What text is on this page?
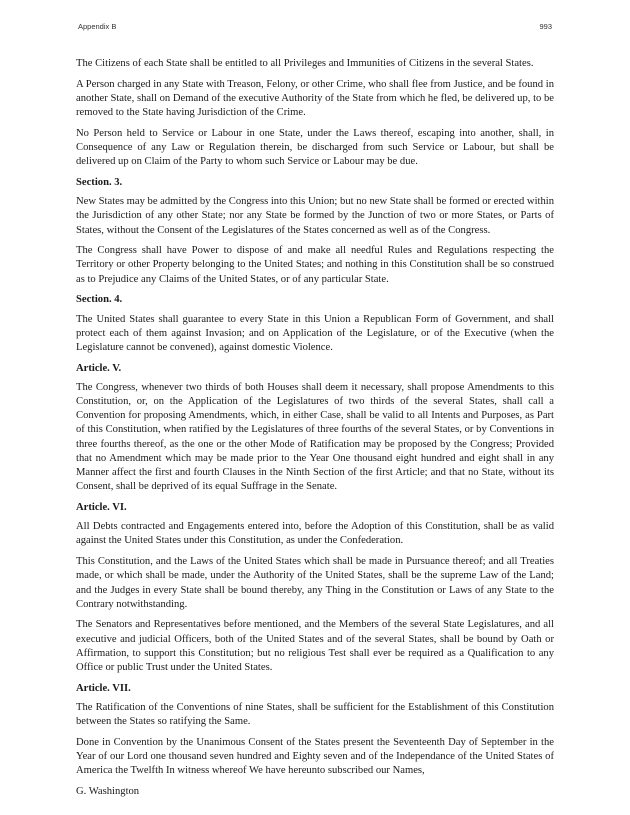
Appendix B	993

The Citizens of each State shall be entitled to all Privileges and Immunities of Citizens in the several States.

A Person charged in any State with Treason, Felony, or other Crime, who shall flee from Justice, and be found in another State, shall on Demand of the executive Authority of the State from which he fled, be delivered up, to be removed to the State having Jurisdiction of the Crime.

No Person held to Service or Labour in one State, under the Laws thereof, escaping into another, shall, in Consequence of any Law or Regulation therein, be discharged from such Service or Labour, but shall be delivered up on Claim of the Party to whom such Service or Labour may be due.

Section. 3.

New States may be admitted by the Congress into this Union; but no new State shall be formed or erected within the Jurisdiction of any other State; nor any State be formed by the Junction of two or more States, or Parts of States, without the Consent of the Legislatures of the States concerned as well as of the Congress.

The Congress shall have Power to dispose of and make all needful Rules and Regulations respecting the Territory or other Property belonging to the United States; and nothing in this Constitution shall be so construed as to Prejudice any Claims of the United States, or of any particular State.

Section. 4.

The United States shall guarantee to every State in this Union a Republican Form of Government, and shall protect each of them against Invasion; and on Application of the Legislature, or of the Executive (when the Legislature cannot be convened), against domestic Violence.

Article. V.

The Congress, whenever two thirds of both Houses shall deem it necessary, shall propose Amendments to this Constitution, or, on the Application of the Legislatures of two thirds of the several States, shall call a Convention for proposing Amendments, which, in either Case, shall be valid to all Intents and Purposes, as Part of this Constitution, when ratified by the Legislatures of three fourths of the several States, or by Conventions in three fourths thereof, as the one or the other Mode of Ratification may be proposed by the Congress; Provided that no Amendment which may be made prior to the Year One thousand eight hundred and eight shall in any Manner affect the first and fourth Clauses in the Ninth Section of the first Article; and that no State, without its Consent, shall be deprived of its equal Suffrage in the Senate.

Article. VI.

All Debts contracted and Engagements entered into, before the Adoption of this Constitution, shall be as valid against the United States under this Constitution, as under the Confederation.

This Constitution, and the Laws of the United States which shall be made in Pursuance thereof; and all Treaties made, or which shall be made, under the Authority of the United States, shall be the supreme Law of the Land; and the Judges in every State shall be bound thereby, any Thing in the Constitution or Laws of any State to the Contrary notwithstanding.

The Senators and Representatives before mentioned, and the Members of the several State Legislatures, and all executive and judicial Officers, both of the United States and of the several States, shall be bound by Oath or Affirmation, to support this Constitution; but no religious Test shall ever be required as a Qualification to any Office or public Trust under the United States.

Article. VII.

The Ratification of the Conventions of nine States, shall be sufficient for the Establishment of this Constitution between the States so ratifying the Same.

Done in Convention by the Unanimous Consent of the States present the Seventeenth Day of September in the Year of our Lord one thousand seven hundred and Eighty seven and of the Independance of the United States of America the Twelfth In witness whereof We have hereunto subscribed our Names,

G. Washington
